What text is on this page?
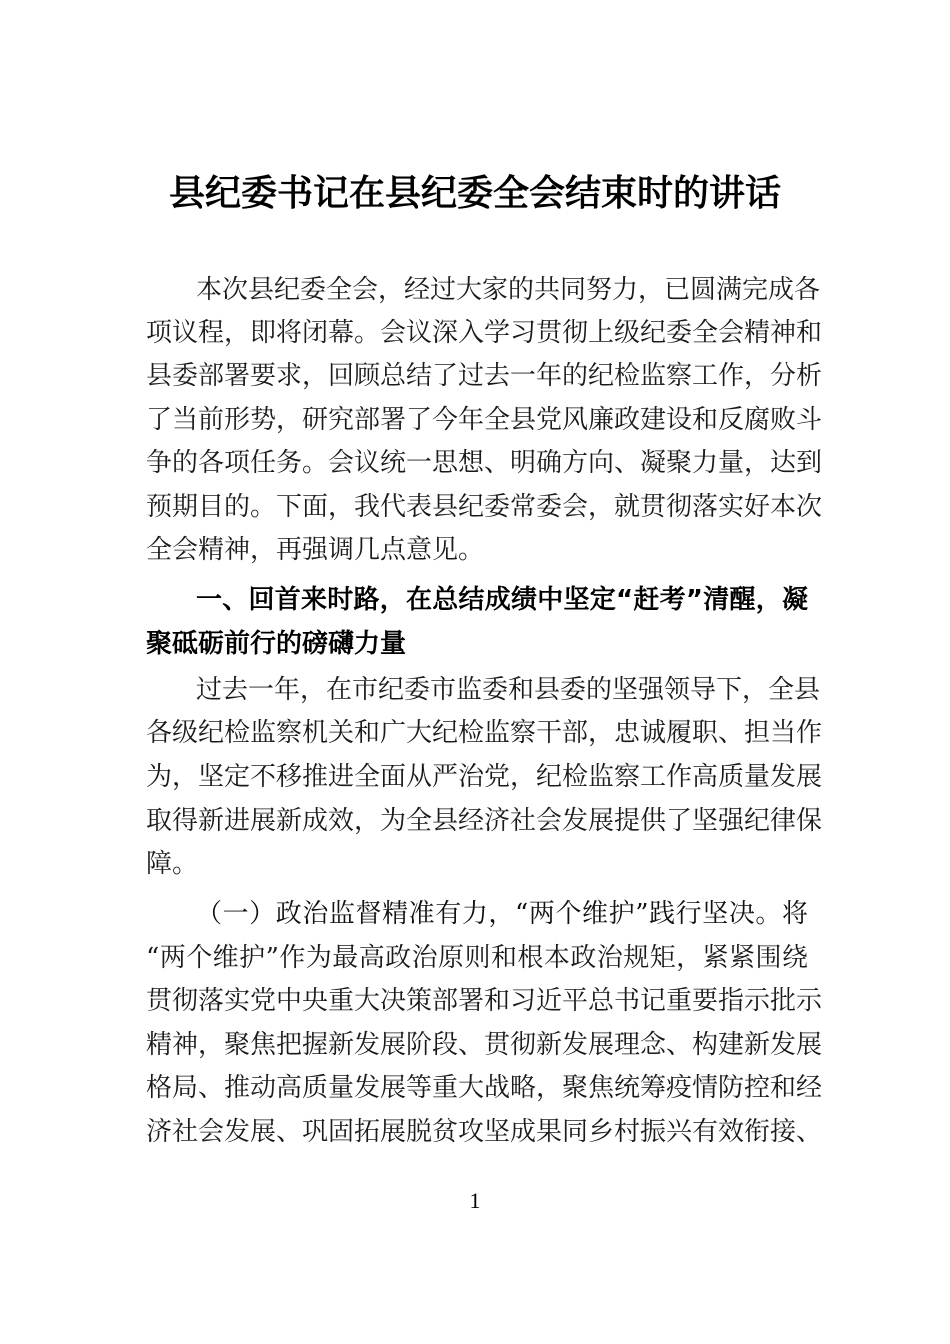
县纪委书记在县纪委全会结束时的讲话
本次县纪委全会，经过大家的共同努力，已圆满完成各
项议程，即将闭幕。会议深入学习贯彻上级纪委全会精神和
县委部署要求，回顾总结了过去一年的纪检监察工作，分析
了当前形势，研究部署了今年全县党风廉政建设和反腐败斗
争的各项任务。会议统一思想、明确方向、凝聚力量，达到
预期目的。下面，我代表县纪委常委会，就贯彻落实好本次
全会精神，再强调几点意见。
一、回首来时路，在总结成绩中坚定“赶考”清醒，凝
聚砥砺前行的磅礴力量
过去一年，在市纪委市监委和县委的坚强领导下，全县
各级纪检监察机关和广大纪检监察干部，忠诚履职、担当作
为，坚定不移推进全面从严治党，纪检监察工作高质量发展
取得新进展新成效，为全县经济社会发展提供了坚强纪律保
障。
（一）政治监督精准有力，“两个维护”践行坚决。将
“两个维护”作为最高政治原则和根本政治规矩，紧紧围绕
贯彻落实党中央重大决策部署和习近平总书记重要指示批示
精神，聚焦把握新发展阶段、贯彻新发展理念、构建新发展
格局、推动高质量发展等重大战略，聚焦统筹疫情防控和经
济社会发展、巩固拓展脱贫攻坚成果同乡村振兴有效衔接、
1
